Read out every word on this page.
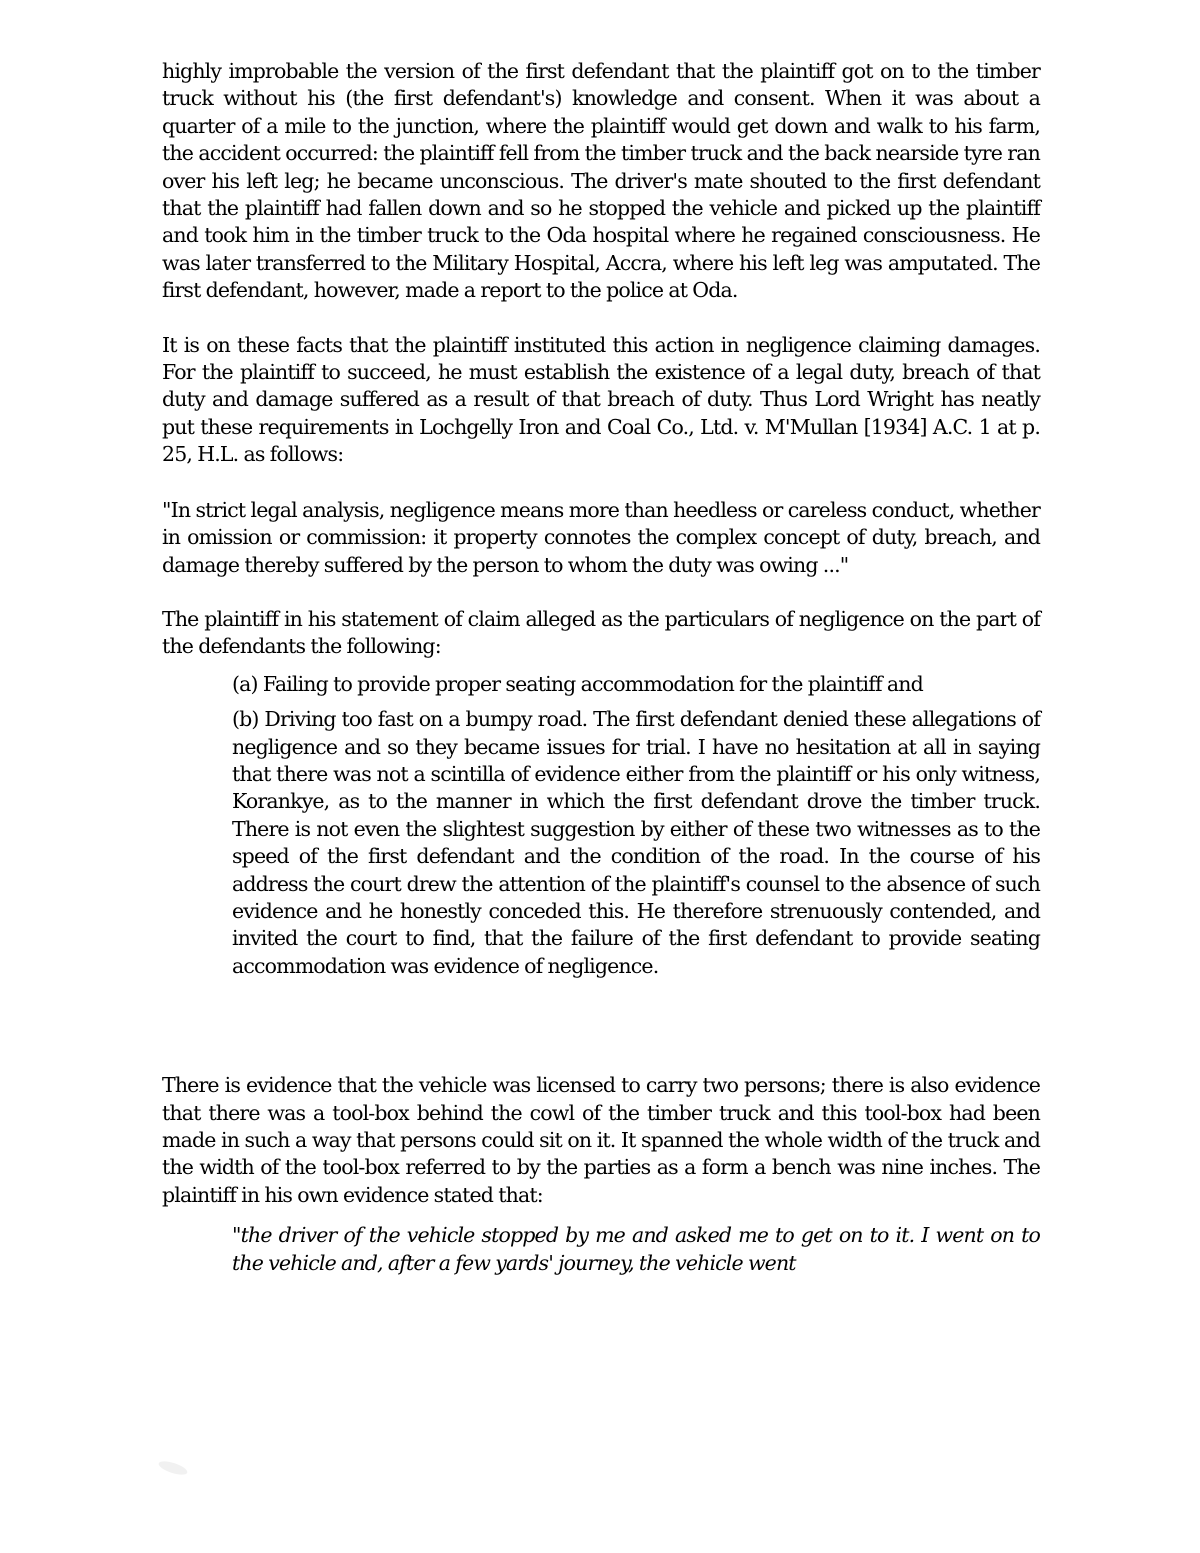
highly improbable the version of the first defendant that the plaintiff got on to the timber truck without his (the first defendant's) knowledge and consent. When it was about a quarter of a mile to the junction, where the plaintiff would get down and walk to his farm, the accident occurred: the plaintiff fell from the timber truck and the back nearside tyre ran over his left leg; he became unconscious. The driver's mate shouted to the first defendant that the plaintiff had fallen down and so he stopped the vehicle and picked up the plaintiff and took him in the timber truck to the Oda hospital where he regained consciousness. He was later transferred to the Military Hospital, Accra, where his left leg was amputated. The first defendant, however, made a report to the police at Oda.

It is on these facts that the plaintiff instituted this action in negligence claiming damages. For the plaintiff to succeed, he must establish the existence of a legal duty, breach of that duty and damage suffered as a result of that breach of duty. Thus Lord Wright has neatly put these requirements in Lochgelly Iron and Coal Co., Ltd. v. M'Mullan [1934] A.C. 1 at p. 25, H.L. as follows:

"In strict legal analysis, negligence means more than heedless or careless conduct, whether in omission or commission: it property connotes the complex concept of duty, breach, and damage thereby suffered by the person to whom the duty was owing ..."

The plaintiff in his statement of claim alleged as the particulars of negligence on the part of the defendants the following:

(a) Failing to provide proper seating accommodation for the plaintiff and

(b) Driving too fast on a bumpy road. The first defendant denied these allegations of negligence and so they became issues for trial. I have no hesitation at all in saying that there was not a scintilla of evidence either from the plaintiff or his only witness, Korankye, as to the manner in which the first defendant drove the timber truck. There is not even the slightest suggestion by either of these two witnesses as to the speed of the first defendant and the condition of the road. In the course of his address the court drew the attention of the plaintiff's counsel to the absence of such evidence and he honestly conceded this. He therefore strenuously contended, and invited the court to find, that the failure of the first defendant to provide seating accommodation was evidence of negligence.

There is evidence that the vehicle was licensed to carry two persons; there is also evidence that there was a tool-box behind the cowl of the timber truck and this tool-box had been made in such a way that persons could sit on it. It spanned the whole width of the truck and the width of the tool-box referred to by the parties as a form a bench was nine inches. The plaintiff in his own evidence stated that:

"the driver of the vehicle stopped by me and asked me to get on to it. I went on to the vehicle and, after a few yards' journey, the vehicle went
